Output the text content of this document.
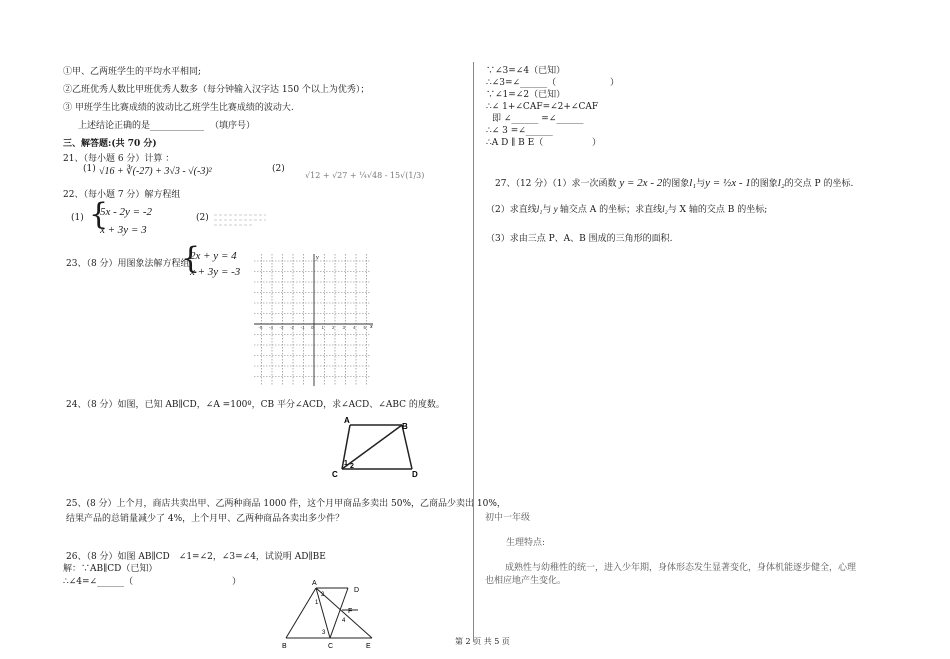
①甲、乙两班学生的平均水平相同;
②乙班优秀人数比甲班优秀人数多（每分钟输入汉字达 150 个以上为优秀）；
③ 甲班学生比赛成绩的波动比乙班学生比赛成绩的波动大.
上述结论正确的是____________ （填序号）
三、解答题:(共 70 分)
21、（每小题 6 分）计算 ：
(1) √16 + ∛(-27) + 3√3 - √(-3)²	(2)
√12 + √27 + ¼√48 - 15√(1/3)
22、（每小题 7 分）解方程组
(1) {
5x - 2y = -2
x + 3y = 3
(2)
23、（8 分）用图象法解方程组
{
2x + y = 4
x + 3y = -3
-5 -4 -3 -2 -1 0 1 2 3 4 5 x
y
24、（8 分）如图，已知 AB∥CD，∠A =100º，CB 平分∠ACD，求∠ACD、∠ABC 的度数。
A
B
C	D
1 2
25、(8 分）上个月，商店共卖出甲、乙两种商品 1000 件，这个月甲商品多卖出 50%，乙商品少卖出 10%，
结果产品的总销量减少了 4%，上个月甲、乙两种商品各卖出多少件？
26、（8 分）如图 AB∥CD　∠1=∠2，∠3=∠4，试说明 AD∥BE
解：∵AB∥CD（已知）
∴∠4=∠______（	）	A
D
F
B	C	E
1
2
3
4
第 2 页 共 5 页
∵∠3=∠4（已知）
∴∠3=∠______（	）
∵∠1=∠2（已知）
∴∠ 1+∠CAF=∠2+∠CAF
即 ∠______ =∠______
∴∠ 3 =∠______
∴A D ∥ B E（	）
27、（12 分）（1）求一次函数 y = 2x - 2的图象l₁与y = ½x - 1的图象l₂的交点 P 的坐标.
（2）求直线l₁与 y 轴交点 A 的坐标；求直线l₂与 X 轴的交点 B 的坐标;
（3）求由三点 P、A、B 围成的三角形的面积.
初中一年级
生理特点:
成熟性与幼稚性的统一，进入少年期，身体形态发生显著变化，身体机能逐步健全，心理
也相应地产生变化。
